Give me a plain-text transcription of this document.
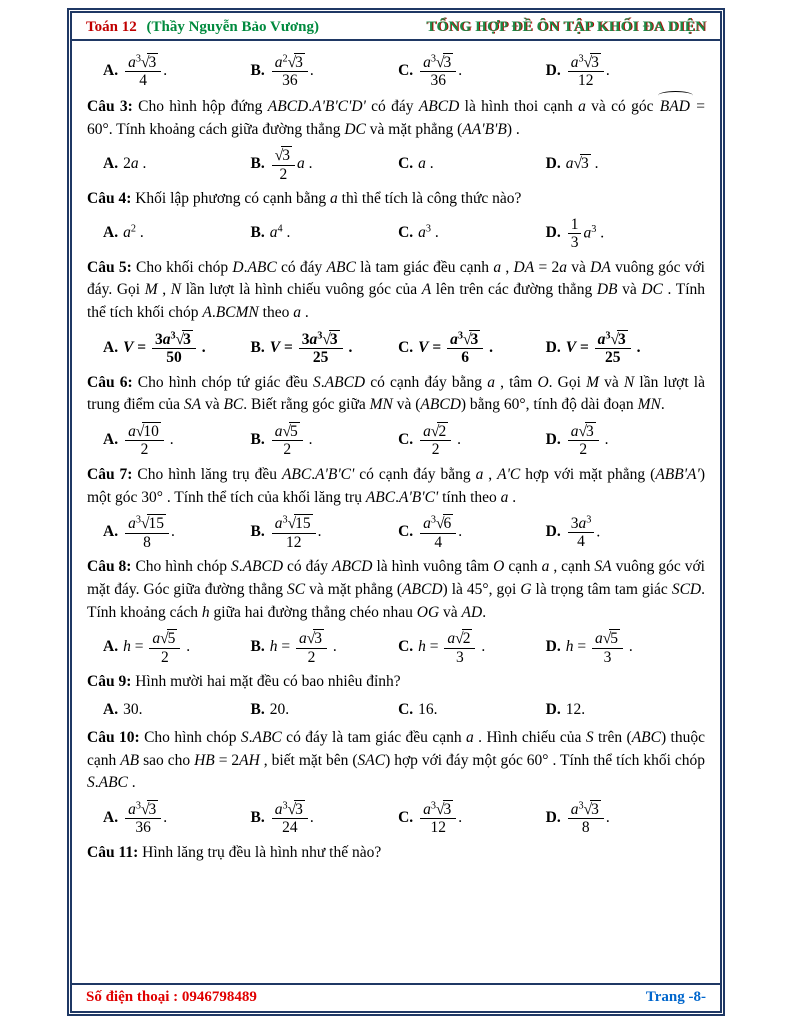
Toán 12 (Thầy Nguyễn Bảo Vương)	TỔNG HỢP ĐỀ ÔN TẬP KHỐI ĐA DIỆN
A. $\frac{a^3√3}{4}$ .	B. $\frac{a^2√3}{36}$ .	C. $\frac{a^3√3}{36}$ .	D. $\frac{a^3√3}{12}$ .

Câu 3: Cho hình hộp đứng ABCD.A'B'C'D' có đáy ABCD là hình thoi cạnh a và có góc BAD = 60°. Tính khoảng cách giữa đường thẳng DC và mặt phẳng (AA'B'B) .

A. 2a .	B. $\frac{√3}{2}$ a .	C. a .	D. a√3 .

Câu 4: Khối lập phương có cạnh bằng a thì thể tích là công thức nào?

A. $a^2$ .	B. $a^4$ .	C. $a^3$ .	D. $\frac{1}{3} a^3$ .

Câu 5: Cho khối chóp D.ABC có đáy ABC là tam giác đều cạnh a , DA = 2a và DA vuông góc với đáy. Gọi M , N lần lượt là hình chiếu vuông góc của A lên trên các đường thẳng DB và DC . Tính thể tích khối chóp A.BCMN theo a .

A. $V = \frac{3a^3√3}{50}$ .	B. $V = \frac{3a^3√3}{25}$ .	C. $V = \frac{a^3√3}{6}$ .	D. $V = \frac{a^3√3}{25}$ .

Câu 6: Cho hình chóp tứ giác đều S.ABCD có cạnh đáy bằng a , tâm O. Gọi M và N lần lượt là trung điểm của SA và BC. Biết rằng góc giữa MN và (ABCD) bằng 60°, tính độ dài đoạn MN.

A. $\frac{a√10}{2}$ .	B. $\frac{a√5}{2}$ .	C. $\frac{a√2}{2}$ .	D. $\frac{a√3}{2}$ .

Câu 7: Cho hình lăng trụ đều ABC.A'B'C' có cạnh đáy bằng a , A'C hợp với mặt phẳng (ABB'A') một góc 30° . Tính thể tích của khối lăng trụ ABC.A'B'C' tính theo a .

A. $\frac{a^3√15}{8}$ .	B. $\frac{a^3√15}{12}$ .	C. $\frac{a^3√6}{4}$ .	D. $\frac{3a^3}{4}$ .

Câu 8: Cho hình chóp S.ABCD có đáy ABCD là hình vuông tâm O cạnh a , cạnh SA vuông góc với mặt đáy. Góc giữa đường thẳng SC và mặt phẳng (ABCD) là 45°, gọi G là trọng tâm tam giác SCD. Tính khoảng cách h giữa hai đường thẳng chéo nhau OG và AD.

A. $h = \frac{a√5}{2}$ .	B. $h = \frac{a√3}{2}$ .	C. $h = \frac{a√2}{3}$ .	D. $h = \frac{a√5}{3}$ .

Câu 9: Hình mười hai mặt đều có bao nhiêu đỉnh?

A. 30.	B. 20.	C. 16.	D. 12.

Câu 10: Cho hình chóp S.ABC có đáy là tam giác đều cạnh a . Hình chiếu của S trên (ABC) thuộc cạnh AB sao cho HB = 2AH , biết mặt bên (SAC) hợp với đáy một góc 60° . Tính thể tích khối chóp S.ABC .

A. $\frac{a^3√3}{36}$ .	B. $\frac{a^3√3}{24}$ .	C. $\frac{a^3√3}{12}$ .	D. $\frac{a^3√3}{8}$ .

Câu 11: Hình lăng trụ đều là hình như thế nào?

Số điện thoại : 0946798489	Trang -8-
